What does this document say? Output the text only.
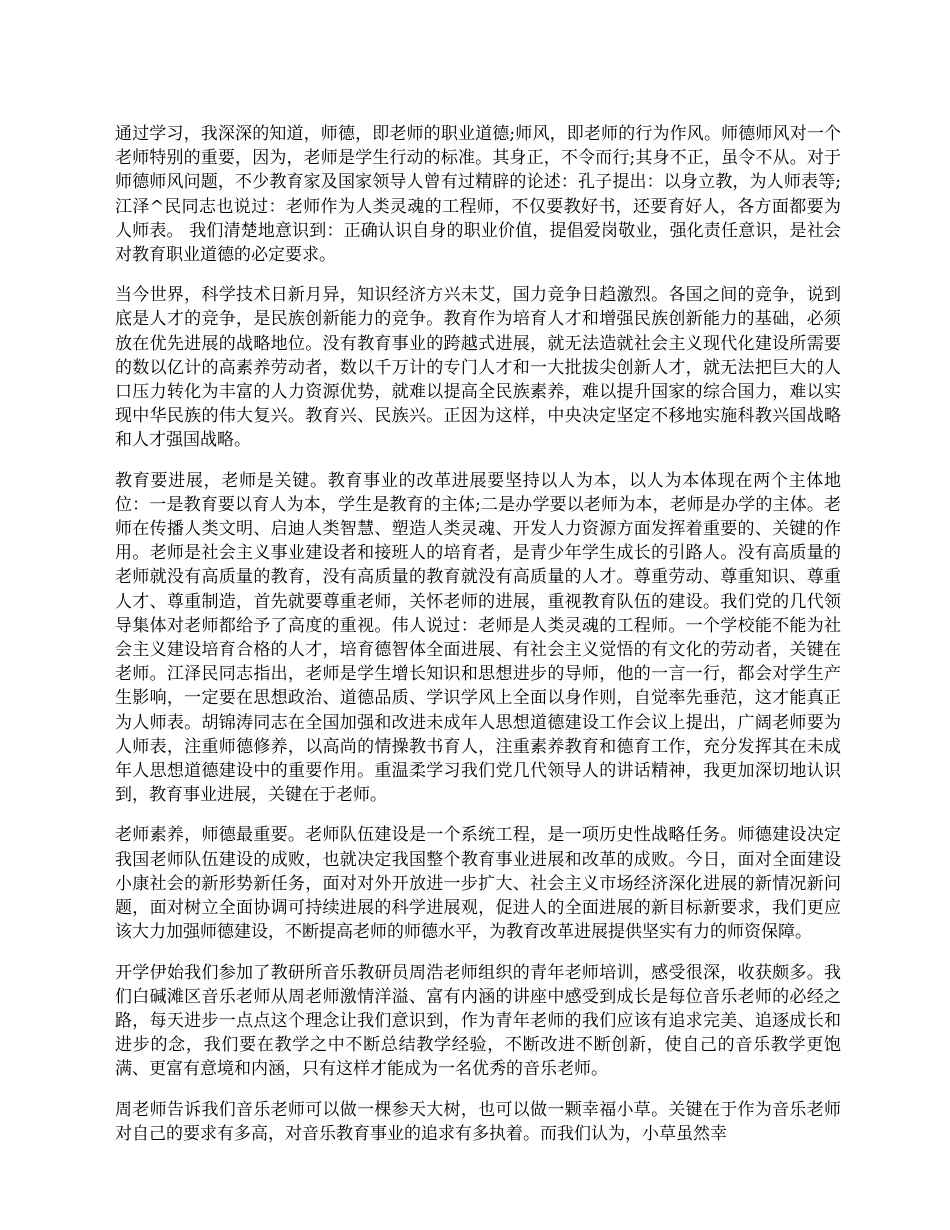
通过学习，我深深的知道，师德，即老师的职业道德;师风，即老师的行为作风。师德师风对一个老师特别的重要，因为，老师是学生行动的标准。其身正，不令而行;其身不正，虽令不从。对于师德师风问题，不少教育家及国家领导人曾有过精辟的论述：孔子提出：以身立教，为人师表等;江泽^民同志也说过：老师作为人类灵魂的工程师，不仅要教好书，还要育好人，各方面都要为人师表。 我们清楚地意识到：正确认识自身的职业价值，提倡爱岗敬业，强化责任意识，是社会对教育职业道德的必定要求。

当今世界，科学技术日新月异，知识经济方兴未艾，国力竞争日趋激烈。各国之间的竞争，说到底是人才的竞争，是民族创新能力的竞争。教育作为培育人才和增强民族创新能力的基础，必须放在优先进展的战略地位。没有教育事业的跨越式进展，就无法造就社会主义现代化建设所需要的数以亿计的高素养劳动者，数以千万计的专门人才和一大批拔尖创新人才，就无法把巨大的人口压力转化为丰富的人力资源优势，就难以提高全民族素养，难以提升国家的综合国力，难以实现中华民族的伟大复兴。教育兴、民族兴。正因为这样，中央决定坚定不移地实施科教兴国战略和人才强国战略。

教育要进展，老师是关键。教育事业的改革进展要坚持以人为本，以人为本体现在两个主体地位：一是教育要以育人为本，学生是教育的主体;二是办学要以老师为本，老师是办学的主体。老师在传播人类文明、启迪人类智慧、塑造人类灵魂、开发人力资源方面发挥着重要的、关键的作用。老师是社会主义事业建设者和接班人的培育者，是青少年学生成长的引路人。没有高质量的老师就没有高质量的教育，没有高质量的教育就没有高质量的人才。尊重劳动、尊重知识、尊重人才、尊重制造，首先就要尊重老师，关怀老师的进展，重视教育队伍的建设。我们党的几代领导集体对老师都给予了高度的重视。伟人说过：老师是人类灵魂的工程师。一个学校能不能为社会主义建设培育合格的人才，培育德智体全面进展、有社会主义觉悟的有文化的劳动者，关键在老师。江泽民同志指出，老师是学生增长知识和思想进步的导师，他的一言一行，都会对学生产生影响，一定要在思想政治、道德品质、学识学风上全面以身作则，自觉率先垂范，这才能真正为人师表。胡锦涛同志在全国加强和改进未成年人思想道德建设工作会议上提出，广阔老师要为人师表，注重师德修养，以高尚的情操教书育人，注重素养教育和德育工作，充分发挥其在未成年人思想道德建设中的重要作用。重温柔学习我们党几代领导人的讲话精神，我更加深切地认识到，教育事业进展，关键在于老师。

老师素养，师德最重要。老师队伍建设是一个系统工程，是一项历史性战略任务。师德建设决定我国老师队伍建设的成败，也就决定我国整个教育事业进展和改革的成败。今日，面对全面建设小康社会的新形势新任务，面对对外开放进一步扩大、社会主义市场经济深化进展的新情况新问题，面对树立全面协调可持续进展的科学进展观，促进人的全面进展的新目标新要求，我们更应该大力加强师德建设，不断提高老师的师德水平，为教育改革进展提供坚实有力的师资保障。

开学伊始我们参加了教研所音乐教研员周浩老师组织的青年老师培训，感受很深，收获颇多。我们白碱滩区音乐老师从周老师激情洋溢、富有内涵的讲座中感受到成长是每位音乐老师的必经之路，每天进步一点点这个理念让我们意识到，作为青年老师的我们应该有追求完美、追逐成长和进步的念，我们要在教学之中不断总结教学经验，不断改进不断创新，使自己的音乐教学更饱满、更富有意境和内涵，只有这样才能成为一名优秀的音乐老师。

周老师告诉我们音乐老师可以做一棵参天大树，也可以做一颗幸福小草。关键在于作为音乐老师对自己的要求有多高，对音乐教育事业的追求有多执着。而我们认为，小草虽然幸
